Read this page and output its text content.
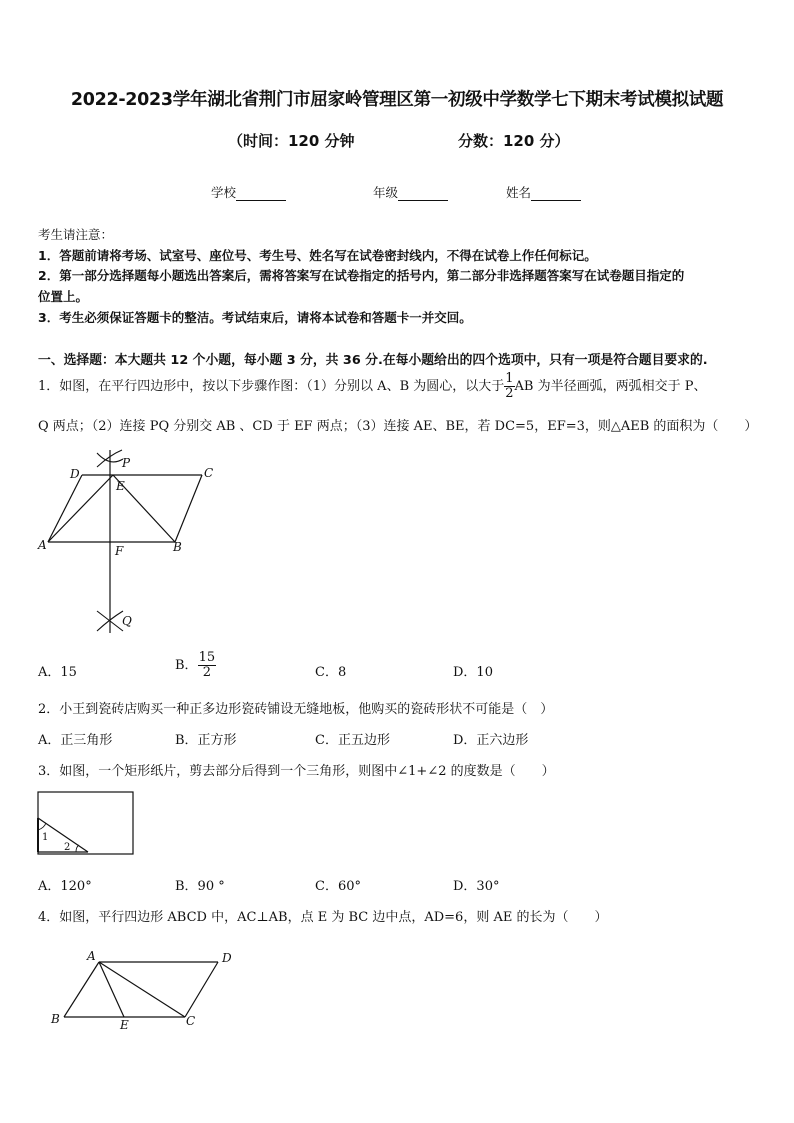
2022-2023学年湖北省荆门市屈家岭管理区第一初级中学数学七下期末考试模拟试题
（时间：120 分钟	分数：120 分）
学校	年级	姓名
考生请注意：
1．答题前请将考场、试室号、座位号、考生号、姓名写在试卷密封线内，不得在试卷上作任何标记。
2．第一部分选择题每小题选出答案后，需将答案写在试卷指定的括号内，第二部分非选择题答案写在试卷题目指定的
位置上。
3．考生必须保证答题卡的整洁。考试结束后，请将本试卷和答题卡一并交回。
一、选择题：本大题共 12 个小题，每小题 3 分，共 36 分.在每小题给出的四个选项中，只有一项是符合题目要求的.
1．如图，在平行四边形中，按以下步骤作图：（1）分别以 A、B 为圆心，以大于 $\frac{1}{2}$ AB 为半径画弧，两弧相交于 P、
Q 两点；（2）连接 PQ 分别交 AB 、CD 于 EF 两点；（3）连接 AE、BE，若 DC=5，EF=3，则△AEB 的面积为（　　）
D
P
C
E
A	F	B
Q
A．15	B． $\frac{15}{2}$	C．8	D．10
2．小王到瓷砖店购买一种正多边形瓷砖铺设无缝地板，他购买的瓷砖形状不可能是（　）
A．正三角形	B．正方形	C．正五边形	D．正六边形
3．如图，一个矩形纸片，剪去部分后得到一个三角形，则图中∠1+∠2 的度数是（　　）
1
2
A．120°	B．90 °	C．60°	D．30°
4．如图，平行四边形 ABCD 中，AC⊥AB，点 E 为 BC 边中点，AD=6，则 AE 的长为（　　）
A	D
B	E	C
